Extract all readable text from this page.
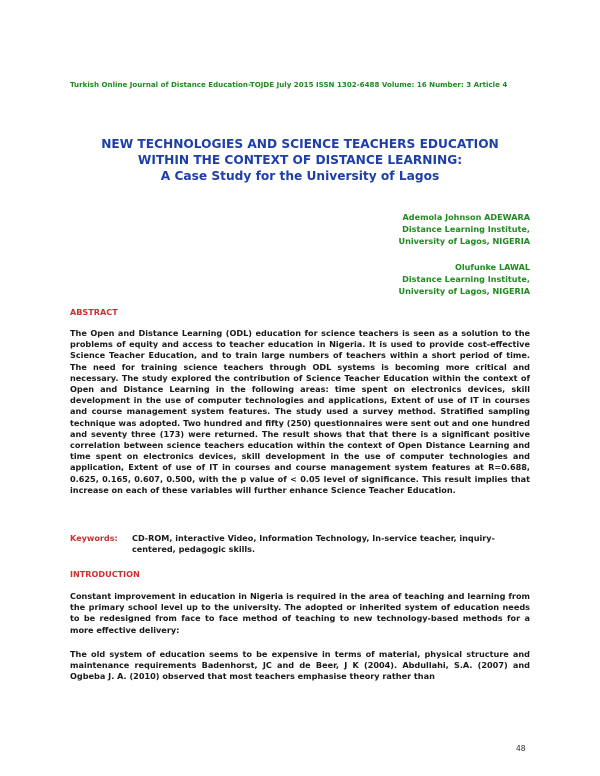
Turkish Online Journal of Distance Education-TOJDE July 2015 ISSN 1302-6488 Volume: 16 Number: 3 Article 4
NEW TECHNOLOGIES AND SCIENCE TEACHERS EDUCATION
WITHIN THE CONTEXT OF DISTANCE LEARNING:
A Case Study for the University of Lagos
Ademola Johnson ADEWARA
Distance Learning Institute,
University of Lagos, NIGERIA
Olufunke LAWAL
Distance Learning Institute,
University of Lagos, NIGERIA
ABSTRACT
The Open and Distance Learning (ODL) education for science teachers is seen as a solution to the problems of equity and access to teacher education in Nigeria. It is used to provide cost-effective Science Teacher Education, and to train large numbers of teachers within a short period of time. The need for training science teachers through ODL systems is becoming more critical and necessary. The study explored the contribution of Science Teacher Education within the context of Open and Distance Learning in the following areas: time spent on electronics devices, skill development in the use of computer technologies and applications, Extent of use of IT in courses and course management system features. The study used a survey method. Stratified sampling technique was adopted. Two hundred and fifty (250) questionnaires were sent out and one hundred and seventy three (173) were returned. The result shows that that there is a significant positive correlation between science teachers education within the context of Open Distance Learning and time spent on electronics devices, skill development in the use of computer technologies and application, Extent of use of IT in courses and course management system features at R=0.688, 0.625, 0.165, 0.607, 0.500, with the p value of < 0.05 level of significance. This result implies that increase on each of these variables will further enhance Science Teacher Education.
Keywords: CD-ROM, interactive Video, Information Technology, In-service teacher, inquiry-centered, pedagogic skills.
INTRODUCTION
Constant improvement in education in Nigeria is required in the area of teaching and learning from the primary school level up to the university. The adopted or inherited system of education needs to be redesigned from face to face method of teaching to new technology-based methods for a more effective delivery:
The old system of education seems to be expensive in terms of material, physical structure and maintenance requirements Badenhorst, JC and de Beer, J K (2004). Abdullahi, S.A. (2007) and Ogbeba J. A. (2010) observed that most teachers emphasise theory rather than
48
